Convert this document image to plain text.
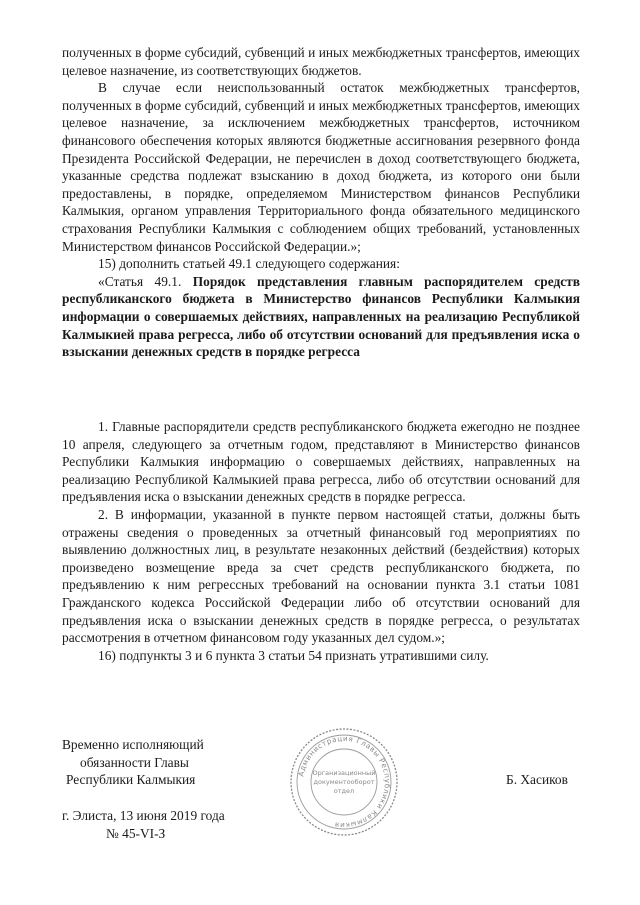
полученных в форме субсидий, субвенций и иных межбюджетных трансфертов, имеющих целевое назначение, из соответствующих бюджетов.

В случае если неиспользованный остаток межбюджетных трансфертов, полученных в форме субсидий, субвенций и иных межбюджетных трансфертов, имеющих целевое назначение, за исключением межбюджетных трансфертов, источником финансового обеспечения которых являются бюджетные ассигнования резервного фонда Президента Российской Федерации, не перечислен в доход соответствующего бюджета, указанные средства подлежат взысканию в доход бюджета, из которого они были предоставлены, в порядке, определяемом Министерством финансов Республики Калмыкия, органом управления Территориального фонда обязательного медицинского страхования Республики Калмыкия с соблюдением общих требований, установленных Министерством финансов Российской Федерации.»;

15) дополнить статьей 49.1 следующего содержания:

«Статья 49.1. Порядок представления главным распорядителем средств республиканского бюджета в Министерство финансов Республики Калмыкия информации о совершаемых действиях, направленных на реализацию Республикой Калмыкией права регресса, либо об отсутствии оснований для предъявления иска о взыскании денежных средств в порядке регресса

1. Главные распорядители средств республиканского бюджета ежегодно не позднее 10 апреля, следующего за отчетным годом, представляют в Министерство финансов Республики Калмыкия информацию о совершаемых действиях, направленных на реализацию Республикой Калмыкией права регресса, либо об отсутствии оснований для предъявления иска о взыскании денежных средств в порядке регресса.

2. В информации, указанной в пункте первом настоящей статьи, должны быть отражены сведения о проведенных за отчетный финансовый год мероприятиях по выявлению должностных лиц, в результате незаконных действий (бездействия) которых произведено возмещение вреда за счет средств республиканского бюджета, по предъявлению к ним регрессных требований на основании пункта 3.1 статьи 1081 Гражданского кодекса Российской Федерации либо об отсутствии оснований для предъявления иска о взыскании денежных средств в порядке регресса, о результатах рассмотрения в отчетном финансовом году указанных дел судом.»;

16) подпункты 3 и 6 пункта 3 статьи 54 признать утратившими силу.

Временно исполняющий
обязанности Главы
Республики Калмыкия	Администрация Главы Республики Калмыкия
Организационный
документооборот
отдел
Б. Хасиков
г. Элиста, 13 июня 2019 года
№ 45-VI-З
